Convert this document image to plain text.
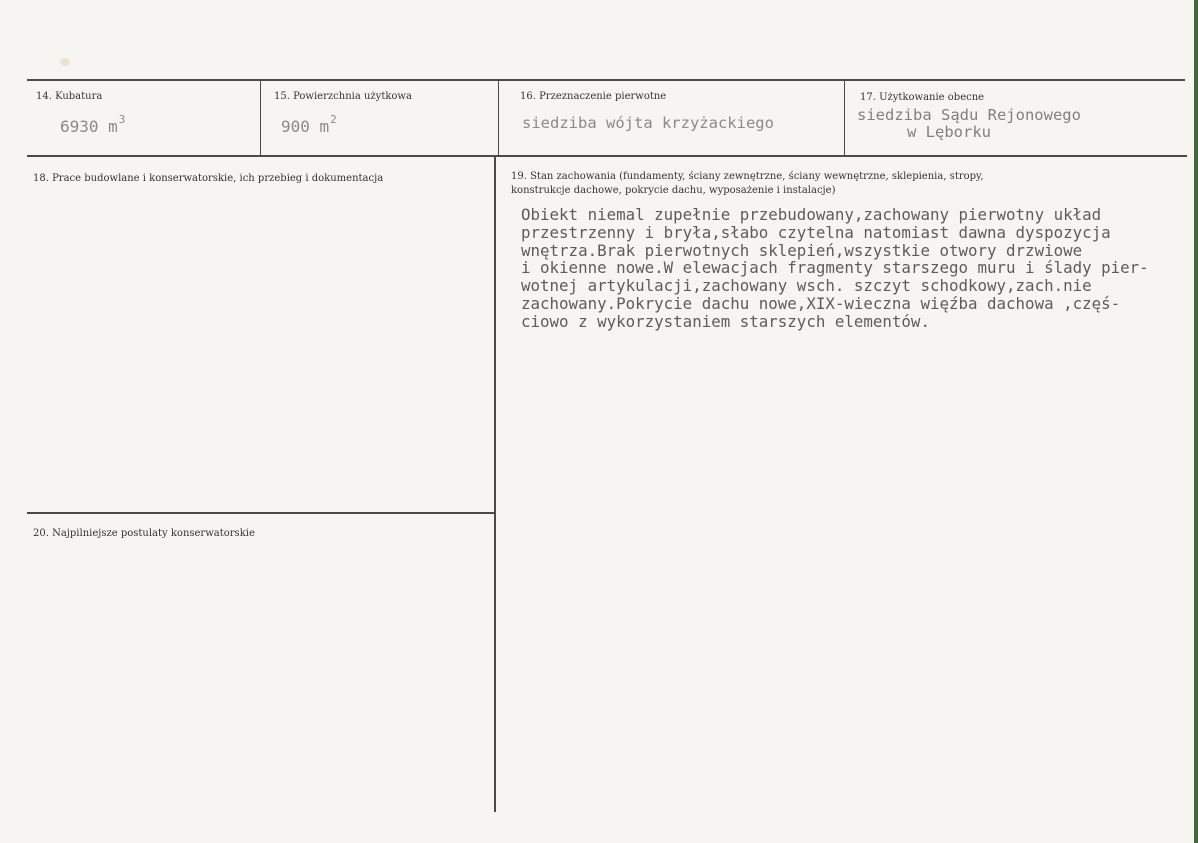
14. Kubatura
6930 $m^3$
15. Powierzchnia użytkowa
900 $m^2$
16. Przeznaczenie pierwotne
siedziba wójta krzyżackiego
17. Użytkowanie obecne
siedziba Sądu Rejonowego
w Lęborku
18. Prace budowlane i konserwatorskie, ich przebieg i dokumentacja	19. Stan zachowania (fundamenty, ściany zewnętrzne, ściany wewnętrzne, sklepienia, stropy,
konstrukcje dachowe, pokrycie dachu, wyposażenie i instalacje)
Obiekt niemal zupełnie przebudowany,zachowany pierwotny układ
przestrzenny i bryła,słabo czytelna natomiast dawna dyspozycja
wnętrza.Brak pierwotnych sklepień,wszystkie otwory drzwiowe
i okienne nowe.W elewacjach fragmenty starszego muru i ślady pier-
wotnej artykulacji,zachowany wsch. szczyt schodkowy,zach.nie
zachowany.Pokrycie dachu nowe,XIX-wieczna więźba dachowa ,częś-
ciowo z wykorzystaniem starszych elementów.
20. Najpilniejsze postulaty konserwatorskie
